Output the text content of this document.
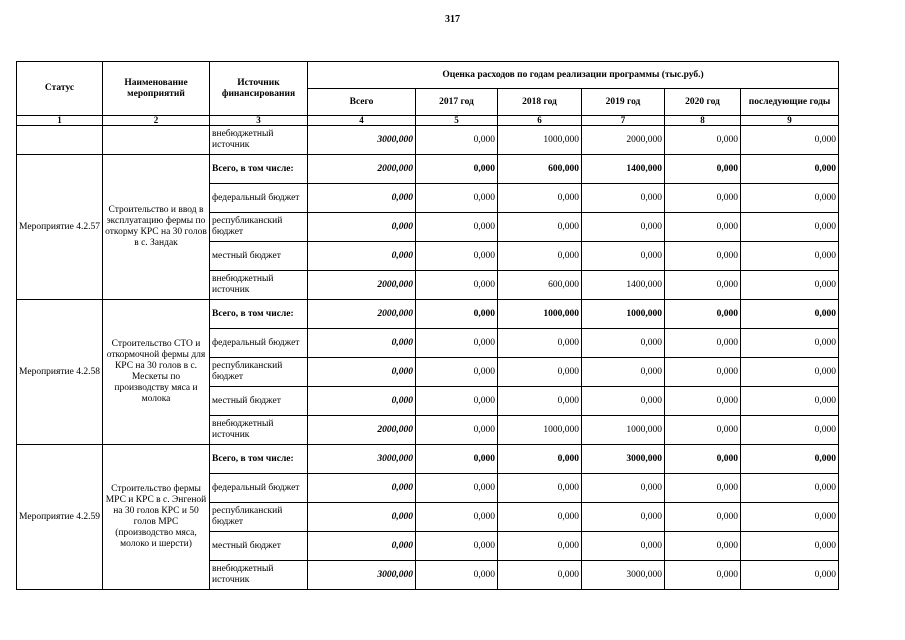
317
Статус	Наименование мероприятий	Источник финансирования	Оценка расходов по годам реализации программы (тыс.руб.)					
			Всего	2017 год	2018 год	2019 год	2020 год	последующие годы
1	2	3	4	5	6	7	8	9
		внебюджетный источник	3000,000	0,000	1000,000	2000,000	0,000	0,000
Мероприятие 4.2.57	Строительство и ввод в эксплуатацию фермы по откорму КРС на 30 голов в с. Зандак	Всего, в том числе:	2000,000	0,000	600,000	1400,000	0,000	0,000
		федеральный бюджет	0,000	0,000	0,000	0,000	0,000	0,000
		республиканский бюджет	0,000	0,000	0,000	0,000	0,000	0,000
		местный бюджет	0,000	0,000	0,000	0,000	0,000	0,000
		внебюджетный источник	2000,000	0,000	600,000	1400,000	0,000	0,000
Мероприятие 4.2.58	Строительство СТО и откормочной фермы для КРС на 30 голов в с. Мескеты по производству мяса и молока	Всего, в том числе:	2000,000	0,000	1000,000	1000,000	0,000	0,000
		федеральный бюджет	0,000	0,000	0,000	0,000	0,000	0,000
		республиканский бюджет	0,000	0,000	0,000	0,000	0,000	0,000
		местный бюджет	0,000	0,000	0,000	0,000	0,000	0,000
		внебюджетный источник	2000,000	0,000	1000,000	1000,000	0,000	0,000
Мероприятие 4.2.59	Строительство фермы МРС и КРС в с. Энгеной на 30 голов КРС и 50 голов МРС (производство мяса, молоко и шерсти)	Всего, в том числе:	3000,000	0,000	0,000	3000,000	0,000	0,000
		федеральный бюджет	0,000	0,000	0,000	0,000	0,000	0,000
		республиканский бюджет	0,000	0,000	0,000	0,000	0,000	0,000
		местный бюджет	0,000	0,000	0,000	0,000	0,000	0,000
		внебюджетный источник	3000,000	0,000	0,000	3000,000	0,000	0,000
